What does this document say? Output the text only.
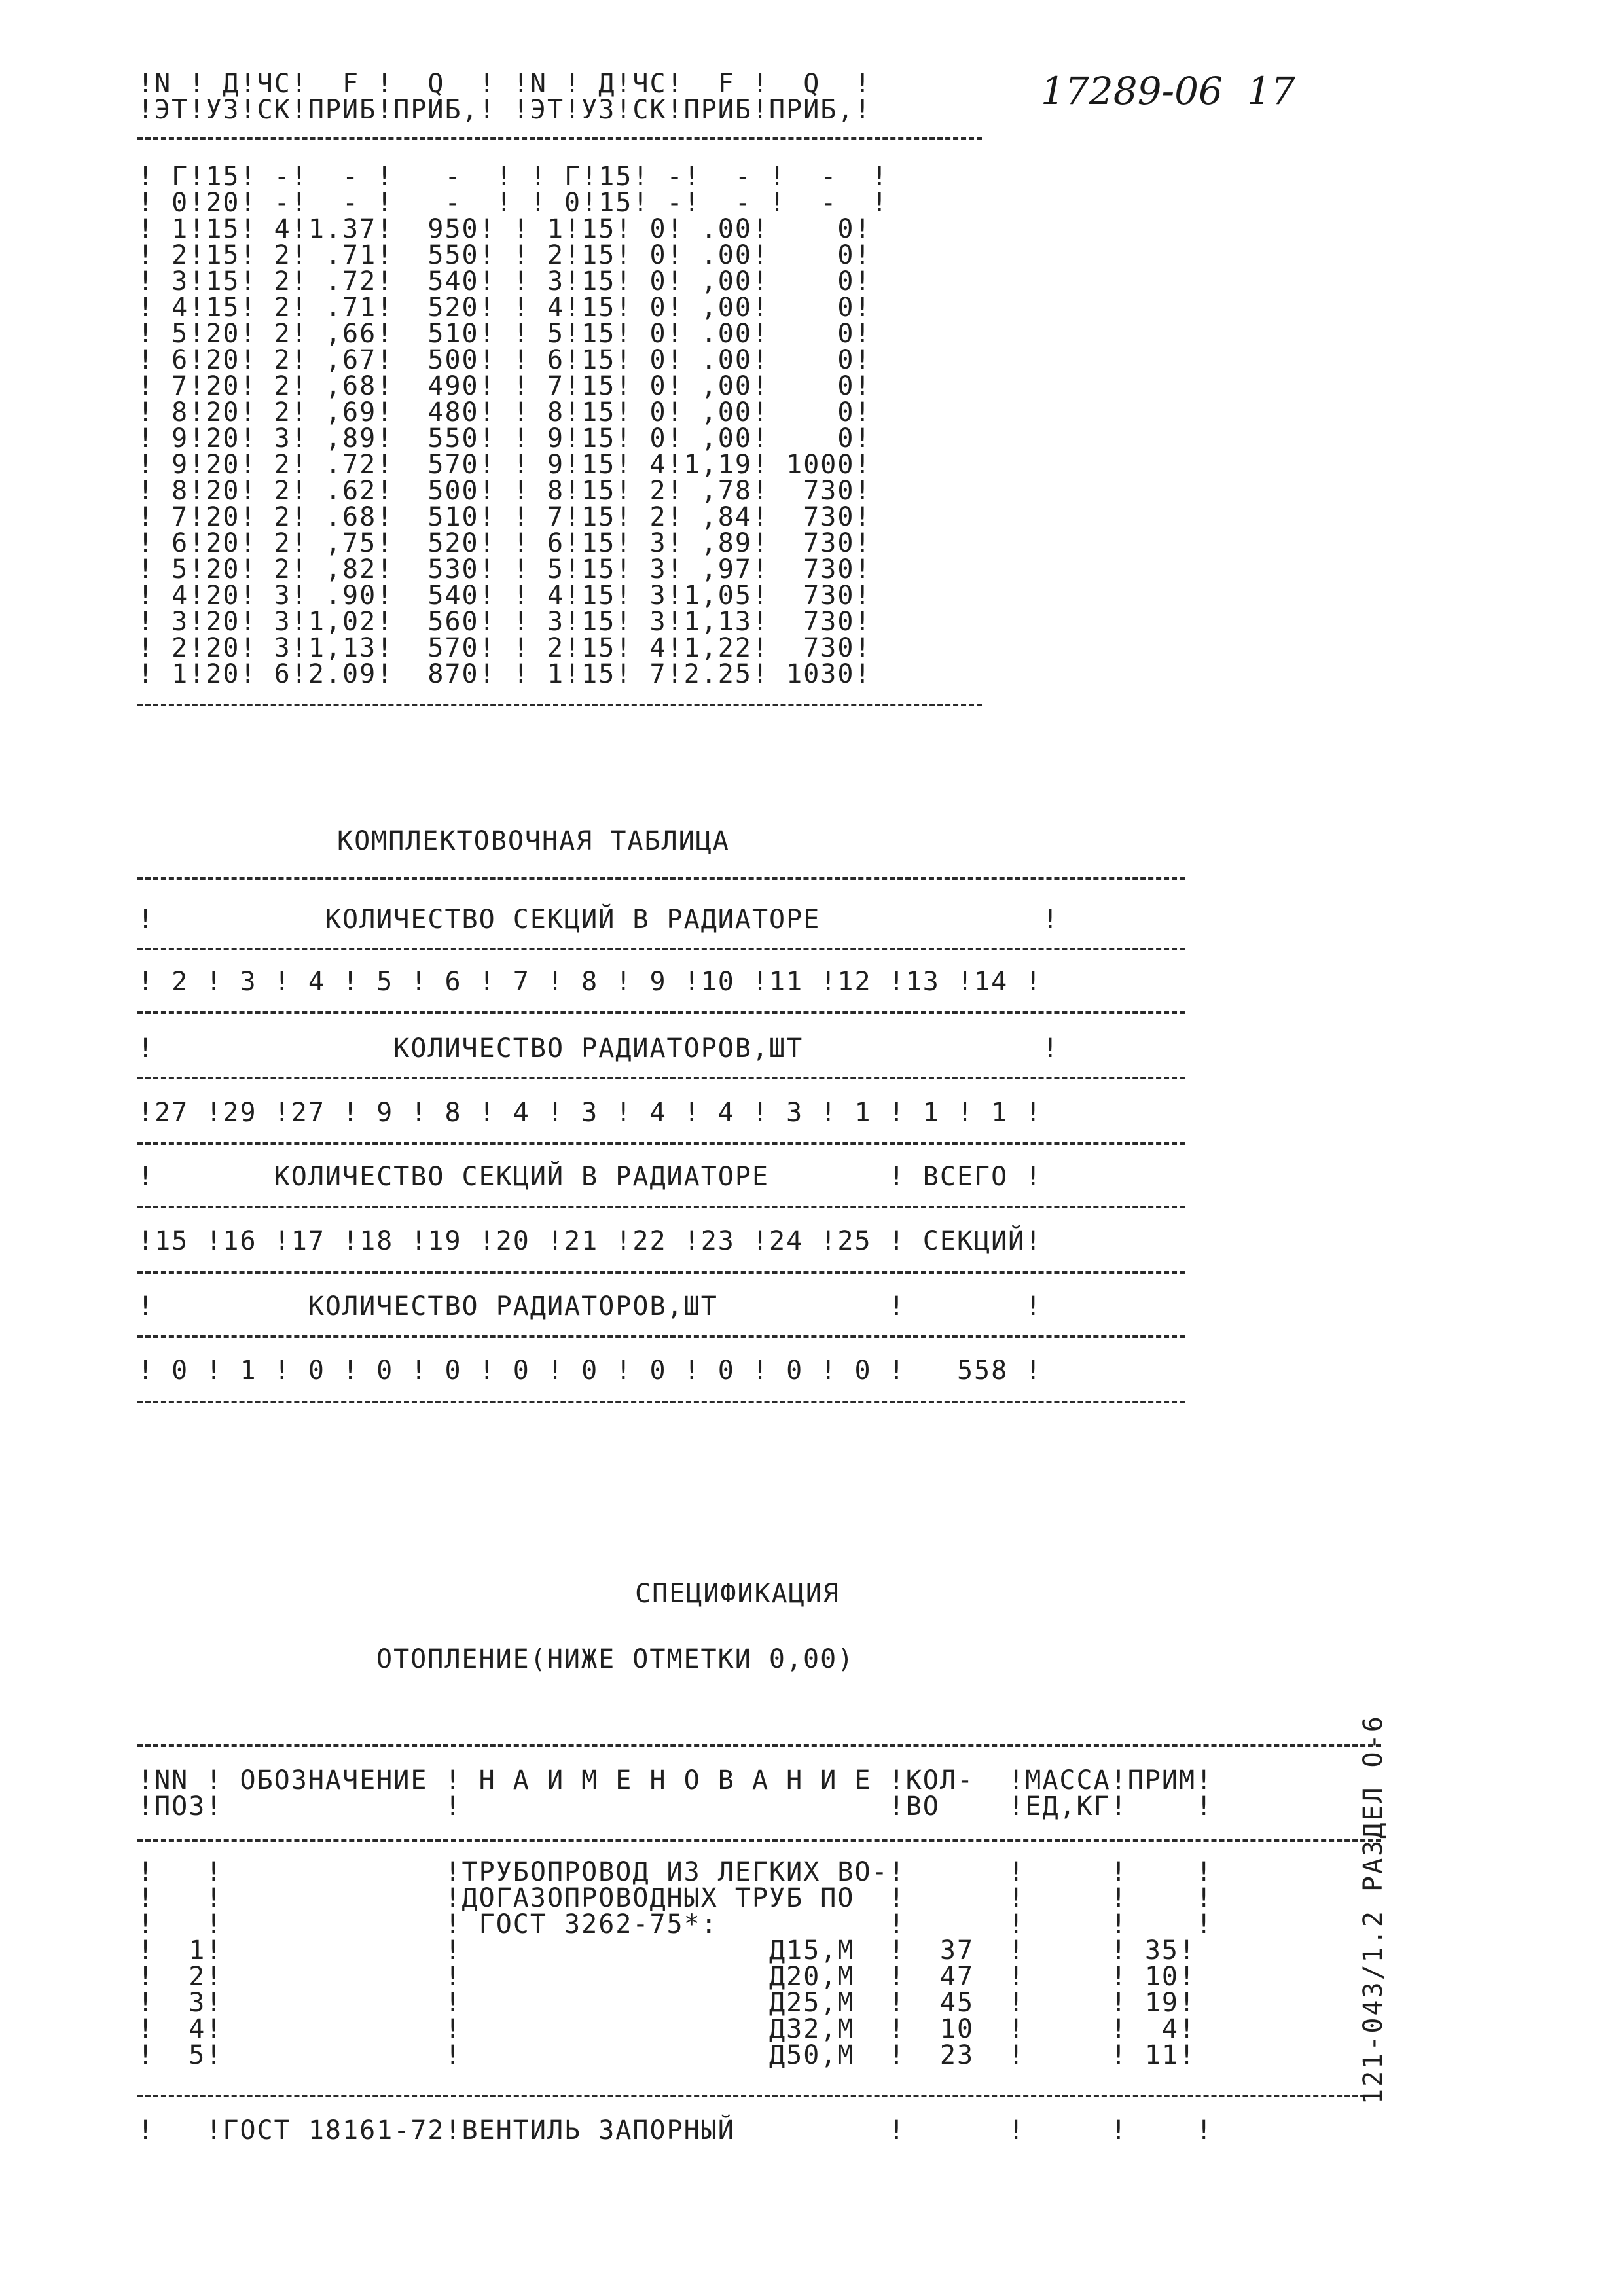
17289-06 17
!N ! Д!ЧС!  F !  Q  ! !N ! Д!ЧС!  F !  Q  !
!ЭТ!УЗ!СК!ПРИБ!ПРИБ,! !ЭТ!УЗ!СК!ПРИБ!ПРИБ,!
! Г!15! -!  - !   -  ! ! Г!15! -!  - !  -  !
! 0!20! -!  - !   -  ! ! 0!15! -!  - !  -  !
! 1!15! 4!1.37!  950! ! 1!15! 0! .00!    0!
! 2!15! 2! .71!  550! ! 2!15! 0! .00!    0!
! 3!15! 2! .72!  540! ! 3!15! 0! ,00!    0!
! 4!15! 2! .71!  520! ! 4!15! 0! ,00!    0!
! 5!20! 2! ,66!  510! ! 5!15! 0! .00!    0!
! 6!20! 2! ,67!  500! ! 6!15! 0! .00!    0!
! 7!20! 2! ,68!  490! ! 7!15! 0! ,00!    0!
! 8!20! 2! ,69!  480! ! 8!15! 0! ,00!    0!
! 9!20! 3! ,89!  550! ! 9!15! 0! ,00!    0!
! 9!20! 2! .72!  570! ! 9!15! 4!1,19! 1000!
! 8!20! 2! .62!  500! ! 8!15! 2! ,78!  730!
! 7!20! 2! .68!  510! ! 7!15! 2! ,84!  730!
! 6!20! 2! ,75!  520! ! 6!15! 3! ,89!  730!
! 5!20! 2! ,82!  530! ! 5!15! 3! ,97!  730!
! 4!20! 3! .90!  540! ! 4!15! 3!1,05!  730!
! 3!20! 3!1,02!  560! ! 3!15! 3!1,13!  730!
! 2!20! 3!1,13!  570! ! 2!15! 4!1,22!  730!
! 1!20! 6!2.09!  870! ! 1!15! 7!2.25! 1030!
КОМПЛЕКТОВОЧНАЯ ТАБЛИЦА
!          КОЛИЧЕСТВО СЕКЦИЙ В РАДИАТОРЕ             !
! 2 ! 3 ! 4 ! 5 ! 6 ! 7 ! 8 ! 9 !10 !11 !12 !13 !14 !
!              КОЛИЧЕСТВО РАДИАТОРОВ,ШТ              !
!27 !29 !27 ! 9 ! 8 ! 4 ! 3 ! 4 ! 4 ! 3 ! 1 ! 1 ! 1 !
!       КОЛИЧЕСТВО СЕКЦИЙ В РАДИАТОРЕ       ! ВСЕГО !
!15 !16 !17 !18 !19 !20 !21 !22 !23 !24 !25 ! СЕКЦИЙ!
!         КОЛИЧЕСТВО РАДИАТОРОВ,ШТ          !       !
! 0 ! 1 ! 0 ! 0 ! 0 ! 0 ! 0 ! 0 ! 0 ! 0 ! 0 !   558 !
СПЕЦИФИКАЦИЯ
ОТОПЛЕНИЕ(НИЖЕ ОТМЕТКИ 0,00)
!NN ! ОБОЗНАЧЕНИЕ ! Н А И М Е Н О В А Н И Е !КОЛ-  !МАССА!ПРИМ!
!ПОЗ!             !                         !ВО    !ЕД,КГ!    !
!   !             !ТРУБОПРОВОД ИЗ ЛЕГКИХ ВО-!      !     !    !
!   !             !ДОГАЗОПРОВОДНЫХ ТРУБ ПО  !      !     !    !
!   !             ! ГОСТ 3262-75*:          !      !     !    !
!  1!             !                  Д15,М  !  37  !     ! 35!
!  2!             !                  Д20,М  !  47  !     ! 10!
!  3!             !                  Д25,М  !  45  !     ! 19!
!  4!             !                  Д32,М  !  10  !     !  4!
!  5!             !                  Д50,М  !  23  !     ! 11!
!   !ГОСТ 18161-72!ВЕНТИЛЬ ЗАПОРНЫЙ         !      !     !    !
121-043/1.2 РАЗДЕЛ О-6
